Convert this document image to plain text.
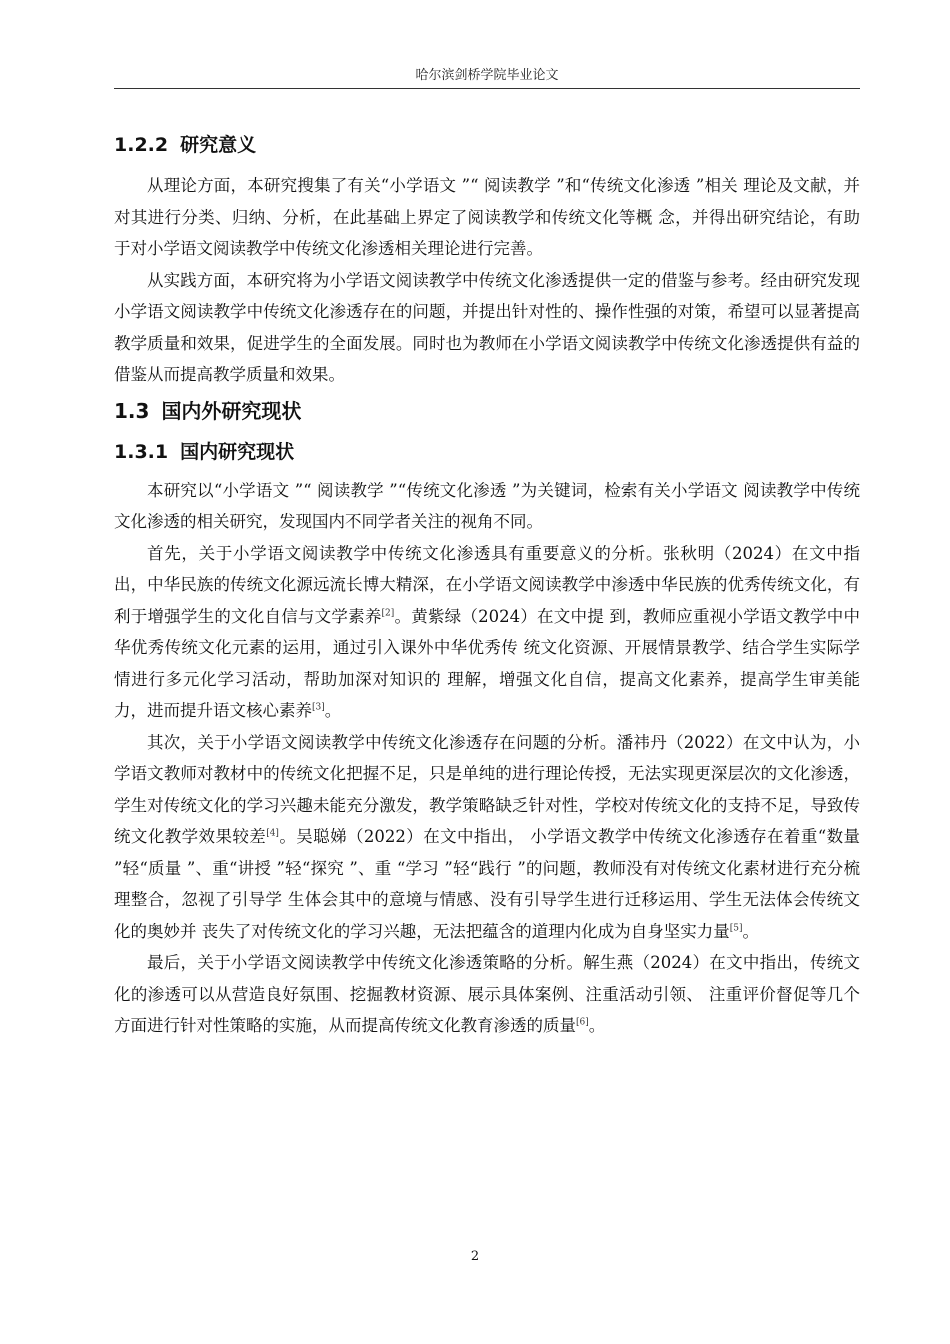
哈尔滨剑桥学院毕业论文
1.2.2 研究意义

从理论方面，本研究搜集了有关“小学语文 ”“ 阅读教学 ”和“传统文化渗透 ”相关 理论及文献，并对其进行分类、归纳、分析，在此基础上界定了阅读教学和传统文化等概 念，并得出研究结论，有助于对小学语文阅读教学中传统文化渗透相关理论进行完善。

从实践方面，本研究将为小学语文阅读教学中传统文化渗透提供一定的借鉴与参考。经由研究发现小学语文阅读教学中传统文化渗透存在的问题，并提出针对性的、操作性强的对策，希望可以显著提高教学质量和效果，促进学生的全面发展。同时也为教师在小学语文阅读教学中传统文化渗透提供有益的借鉴从而提高教学质量和效果。

1.3 国内外研究现状
1.3.1 国内研究现状

本研究以“小学语文 ”“ 阅读教学 ”“传统文化渗透 ”为关键词，检索有关小学语文 阅读教学中传统文化渗透的相关研究，发现国内不同学者关注的视角不同。

首先，关于小学语文阅读教学中传统文化渗透具有重要意义的分析。张秋明（2024）在文中指出，中华民族的传统文化源远流长博大精深，在小学语文阅读教学中渗透中华民族的优秀传统文化，有利于增强学生的文化自信与文学素养[2]。黄紫绿（2024）在文中提 到，教师应重视小学语文教学中中华优秀传统文化元素的运用，通过引入课外中华优秀传 统文化资源、开展情景教学、结合学生实际学情进行多元化学习活动，帮助加深对知识的 理解，增强文化自信，提高文化素养，提高学生审美能力，进而提升语文核心素养[3]。

其次，关于小学语文阅读教学中传统文化渗透存在问题的分析。潘祎丹（2022）在文中认为，小学语文教师对教材中的传统文化把握不足，只是单纯的进行理论传授，无法实现更深层次的文化渗透，学生对传统文化的学习兴趣未能充分激发，教学策略缺乏针对性，学校对传统文化的支持不足，导致传统文化教学效果较差[4]。吴聪娣（2022）在文中指出， 小学语文教学中传统文化渗透存在着重“数量 ”轻“质量 ”、重“讲授 ”轻“探究 ”、重 “学习 ”轻“践行 ”的问题，教师没有对传统文化素材进行充分梳理整合，忽视了引导学 生体会其中的意境与情感、没有引导学生进行迁移运用、学生无法体会传统文化的奥妙并 丧失了对传统文化的学习兴趣，无法把蕴含的道理内化成为自身坚实力量[5]。

最后，关于小学语文阅读教学中传统文化渗透策略的分析。解生燕（2024）在文中指出，传统文化的渗透可以从营造良好氛围、挖掘教材资源、展示具体案例、注重活动引领、 注重评价督促等几个方面进行针对性策略的实施，从而提高传统文化教育渗透的质量[6]。

2
